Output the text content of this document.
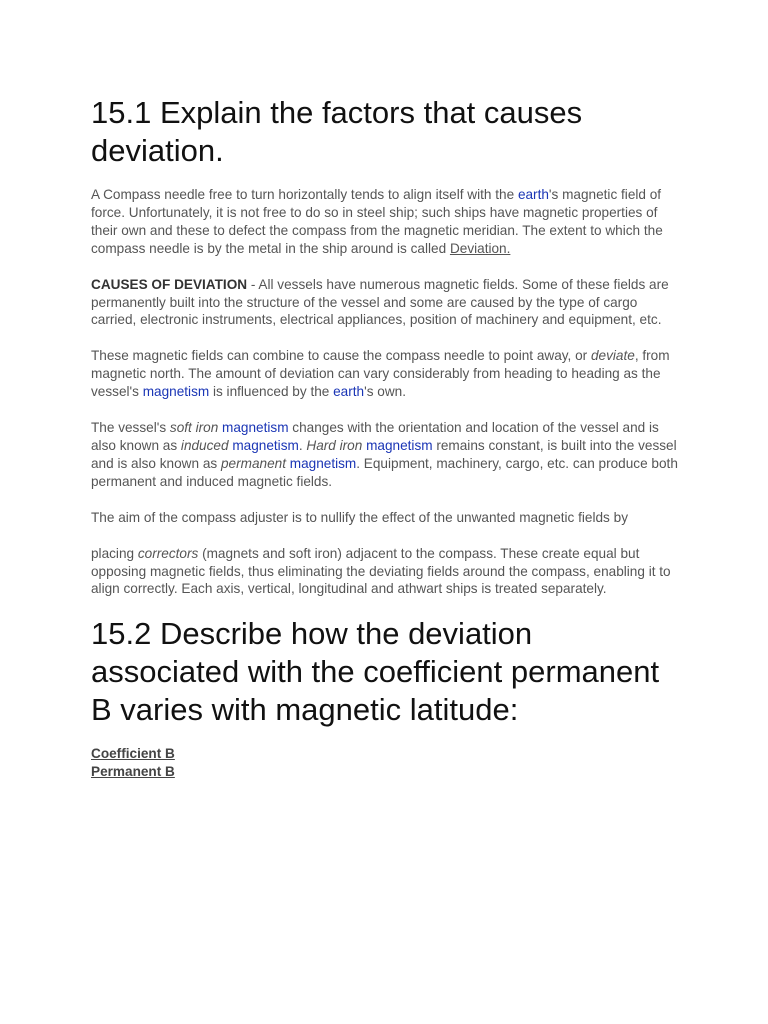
15.1 Explain the factors that causes deviation.

A Compass needle free to turn horizontally tends to align itself with the earth's magnetic field of force. Unfortunately, it is not free to do so in steel ship; such ships have magnetic properties of their own and these to defect the compass from the magnetic meridian. The extent to which the compass needle is by the metal in the ship around is called Deviation.

CAUSES OF DEVIATION - All vessels have numerous magnetic fields. Some of these fields are permanently built into the structure of the vessel and some are caused by the type of cargo carried, electronic instruments, electrical appliances, position of machinery and equipment, etc.

These magnetic fields can combine to cause the compass needle to point away, or deviate, from magnetic north. The amount of deviation can vary considerably from heading to heading as the vessel's magnetism is influenced by the earth's own.

The vessel's soft iron magnetism changes with the orientation and location of the vessel and is also known as induced magnetism. Hard iron magnetism remains constant, is built into the vessel and is also known as permanent magnetism. Equipment, machinery, cargo, etc. can produce both permanent and induced magnetic fields.

The aim of the compass adjuster is to nullify the effect of the unwanted magnetic fields by

placing correctors (magnets and soft iron) adjacent to the compass. These create equal but opposing magnetic fields, thus eliminating the deviating fields around the compass, enabling it to align correctly. Each axis, vertical, longitudinal and athwart ships is treated separately.

15.2 Describe how the deviation associated with the coefficient permanent B varies with magnetic latitude:

Coefficient B

Permanent B
